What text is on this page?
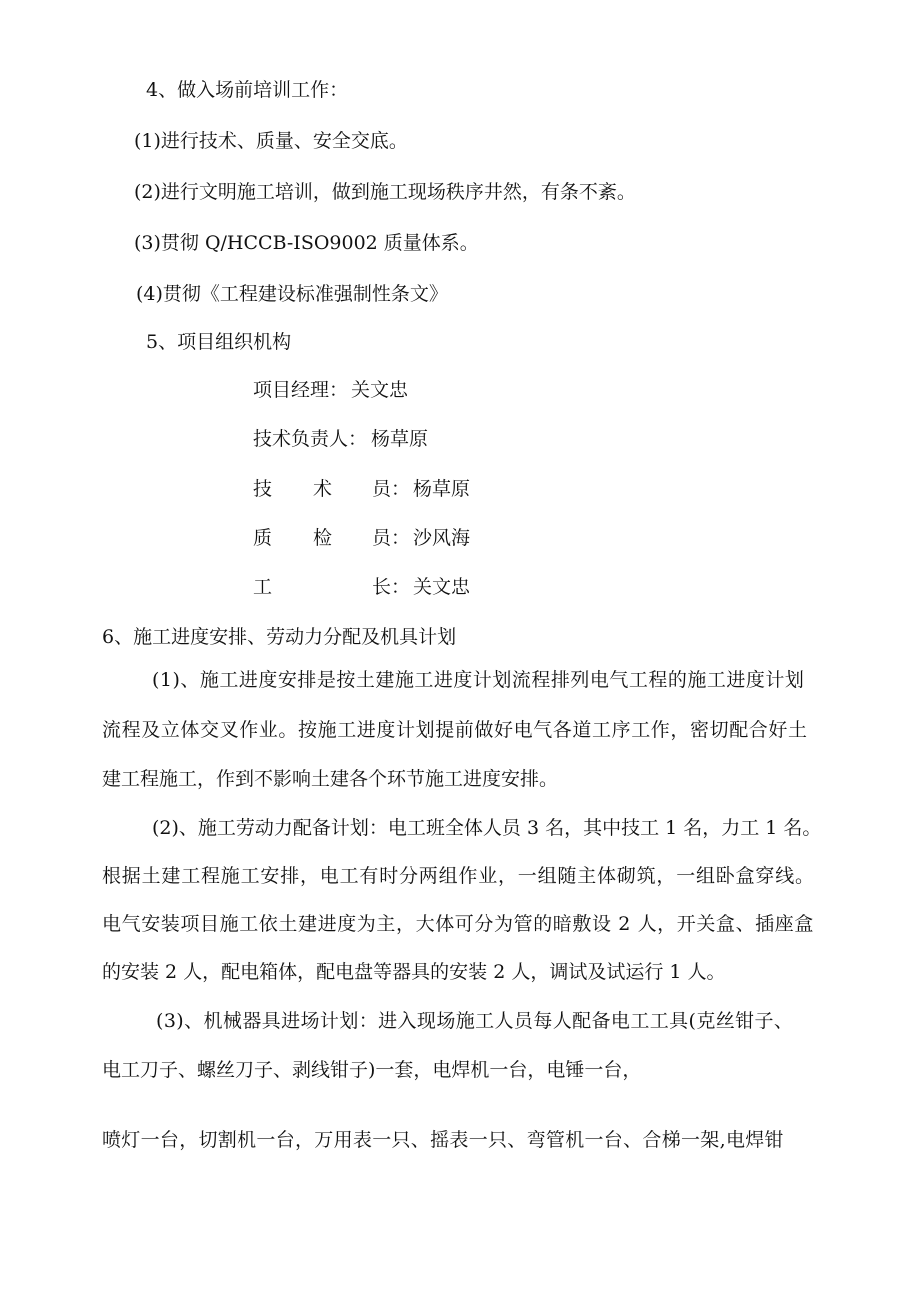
4、做入场前培训工作：
(1)进行技术、质量、安全交底。
(2)进行文明施工培训，做到施工现场秩序井然，有条不紊。
(3)贯彻 Q/HCCB-ISO9002 质量体系。
(4)贯彻《工程建设标准强制性条文》
5、项目组织机构
项目经理： 关文忠
技术负责人： 杨草原
技 术 员： 杨草原
质 检 员： 沙风海
工	长： 关文忠
6、施工进度安排、劳动力分配及机具计划
(1)、施工进度安排是按土建施工进度计划流程排列电气工程的施工进度计划
流程及立体交叉作业。按施工进度计划提前做好电气各道工序工作，密切配合好土
建工程施工，作到不影响土建各个环节施工进度安排。
(2)、施工劳动力配备计划：电工班全体人员 3 名，其中技工 1 名，力工 1 名。
根据土建工程施工安排，电工有时分两组作业，一组随主体砌筑，一组卧盒穿线。
电气安装项目施工依土建进度为主，大体可分为管的暗敷设 2 人，开关盒、插座盒
的安装 2 人，配电箱体，配电盘等器具的安装 2 人，调试及试运行 1 人。
(3)、机械器具进场计划：进入现场施工人员每人配备电工工具(克丝钳子、
电工刀子、螺丝刀子、剥线钳子)一套，电焊机一台，电锤一台，
喷灯一台，切割机一台，万用表一只、摇表一只、弯管机一台、合梯一架,电焊钳
